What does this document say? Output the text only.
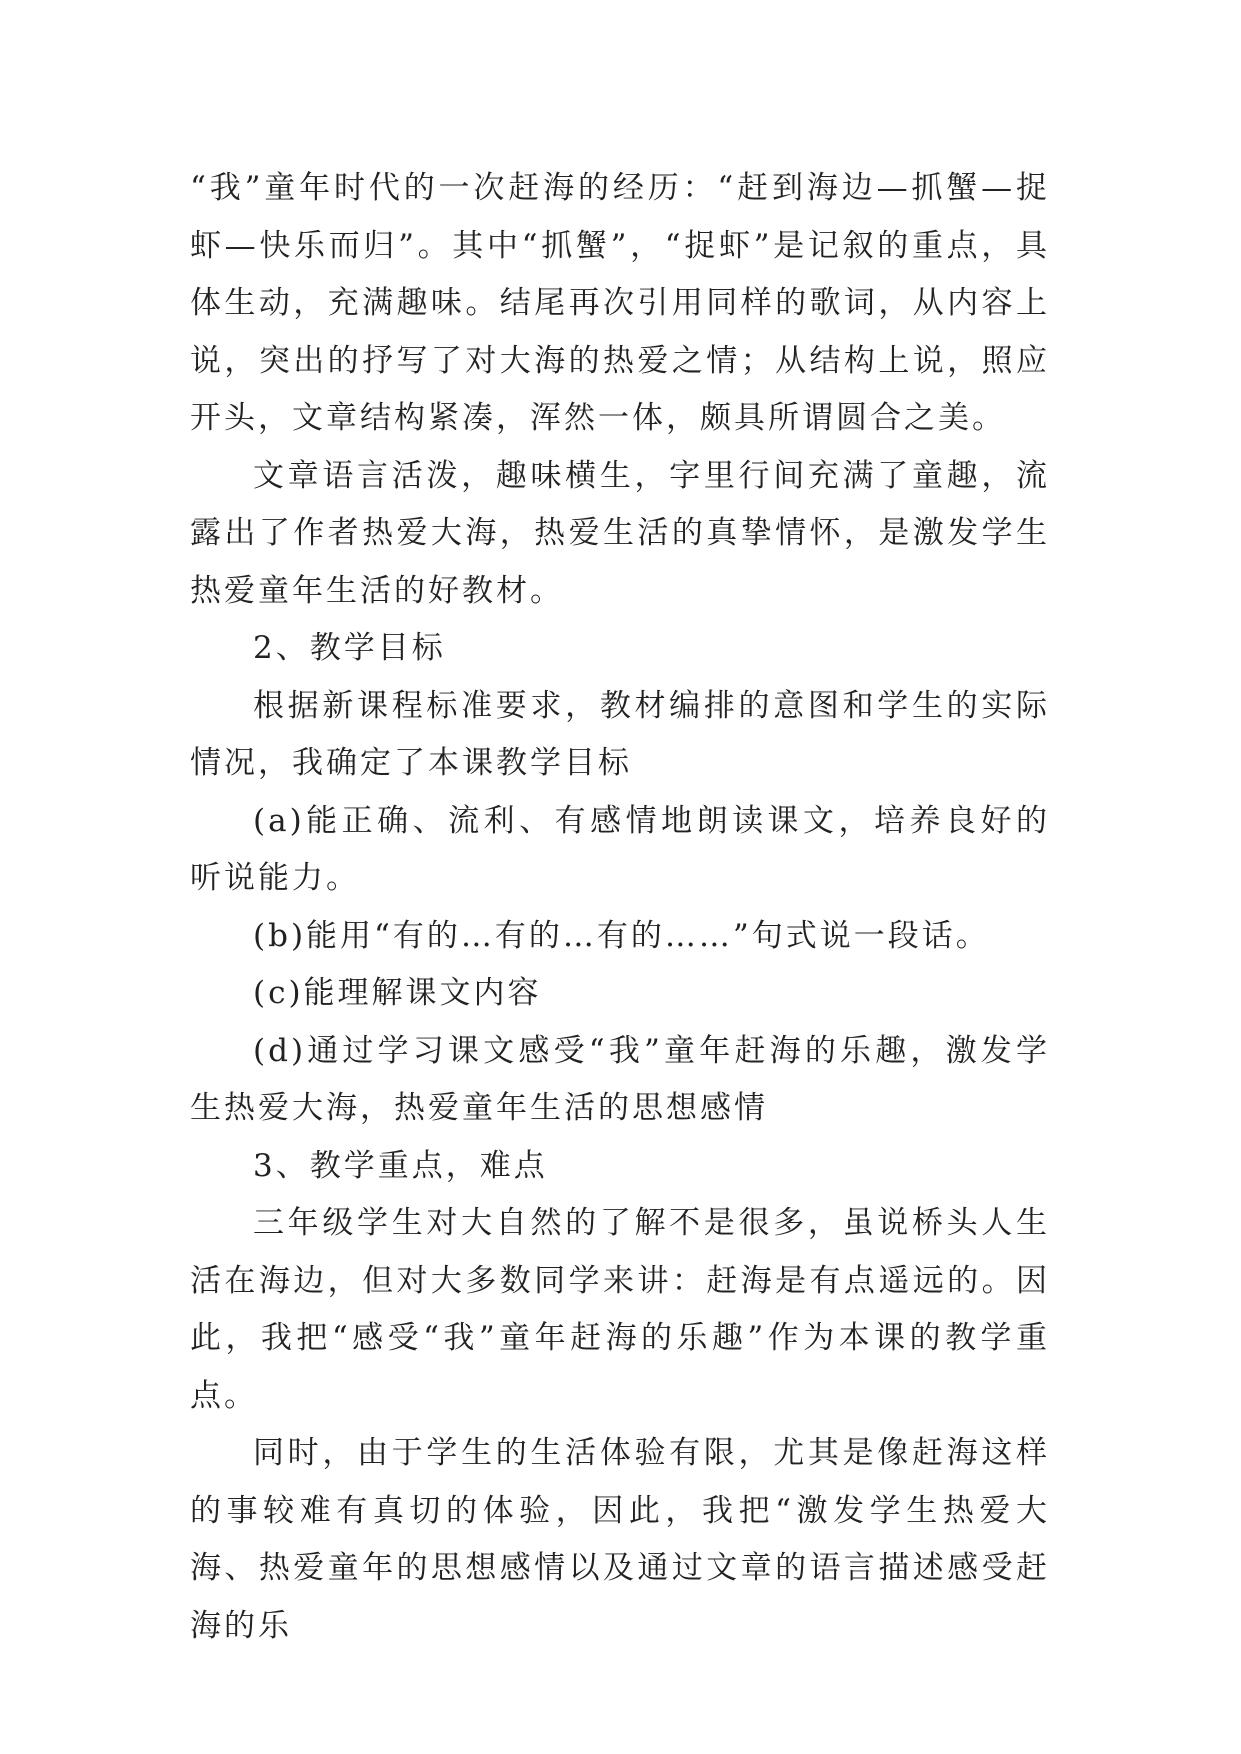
“我”童年时代的一次赶海的经历：“赶到海边—抓蟹—捉虾—快乐而归”。其中“抓蟹”，“捉虾”是记叙的重点，具体生动，充满趣味。结尾再次引用同样的歌词，从内容上说，突出的抒写了对大海的热爱之情；从结构上说，照应开头，文章结构紧凑，浑然一体，颇具所谓圆合之美。

文章语言活泼，趣味横生，字里行间充满了童趣，流露出了作者热爱大海，热爱生活的真挚情怀，是激发学生热爱童年生活的好教材。

2、教学目标

根据新课程标准要求，教材编排的意图和学生的实际情况，我确定了本课教学目标

(a)能正确、流利、有感情地朗读课文，培养良好的听说能力。

(b)能用“有的…有的…有的……”句式说一段话。

(c)能理解课文内容

(d)通过学习课文感受“我”童年赶海的乐趣，激发学生热爱大海，热爱童年生活的思想感情

3、教学重点，难点

三年级学生对大自然的了解不是很多，虽说桥头人生活在海边，但对大多数同学来讲：赶海是有点遥远的。因此，我把“感受“我”童年赶海的乐趣”作为本课的教学重点。

同时，由于学生的生活体验有限，尤其是像赶海这样的事较难有真切的体验，因此，我把“激发学生热爱大海、热爱童年的思想感情以及通过文章的语言描述感受赶海的乐
